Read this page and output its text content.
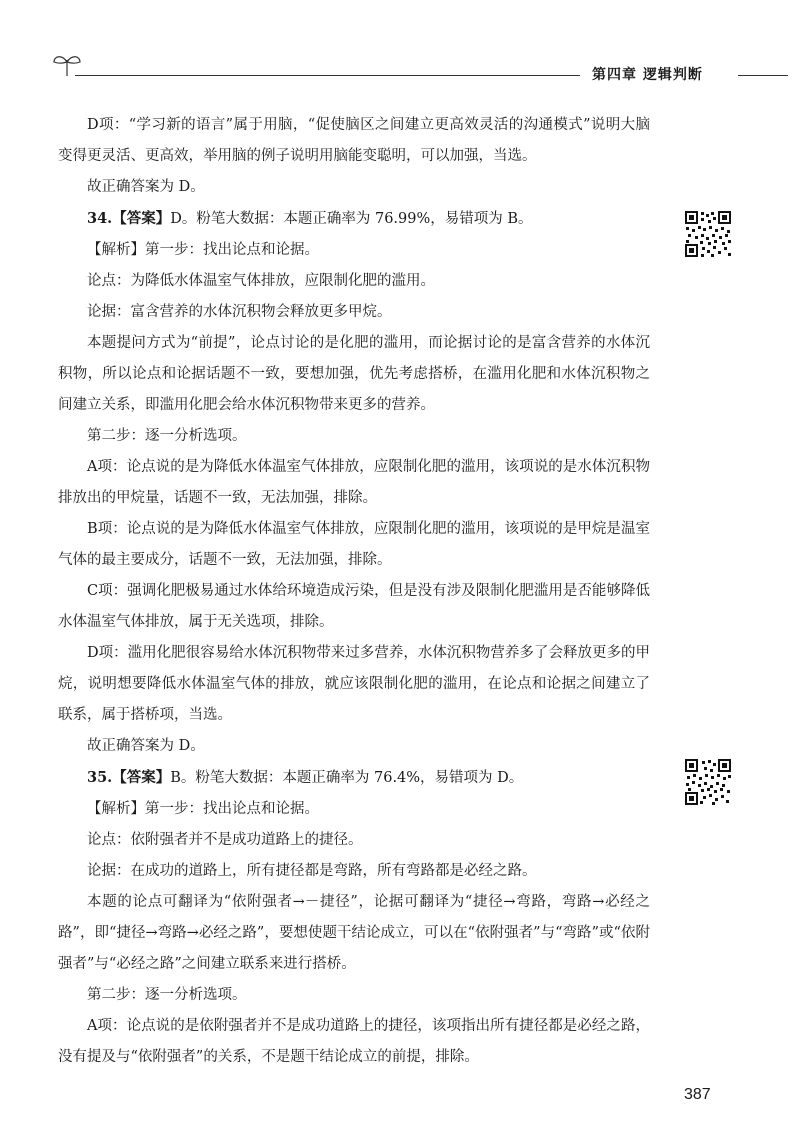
第四章 逻辑判断

D项：“学习新的语言”属于用脑，“促使脑区之间建立更高效灵活的沟通模式”说明大脑变得更灵活、更高效，举用脑的例子说明用脑能变聪明，可以加强，当选。

故正确答案为 D。

34.【答案】D。粉笔大数据：本题正确率为 76.99%，易错项为 B。

【解析】第一步：找出论点和论据。

论点：为降低水体温室气体排放，应限制化肥的滥用。

论据：富含营养的水体沉积物会释放更多甲烷。

本题提问方式为“前提”，论点讨论的是化肥的滥用，而论据讨论的是富含营养的水体沉积物，所以论点和论据话题不一致，要想加强，优先考虑搭桥，在滥用化肥和水体沉积物之间建立关系，即滥用化肥会给水体沉积物带来更多的营养。

第二步：逐一分析选项。

A项：论点说的是为降低水体温室气体排放，应限制化肥的滥用，该项说的是水体沉积物排放出的甲烷量，话题不一致，无法加强，排除。

B项：论点说的是为降低水体温室气体排放，应限制化肥的滥用，该项说的是甲烷是温室气体的最主要成分，话题不一致，无法加强，排除。

C项：强调化肥极易通过水体给环境造成污染，但是没有涉及限制化肥滥用是否能够降低水体温室气体排放，属于无关选项，排除。

D项：滥用化肥很容易给水体沉积物带来过多营养，水体沉积物营养多了会释放更多的甲烷，说明想要降低水体温室气体的排放，就应该限制化肥的滥用，在论点和论据之间建立了联系，属于搭桥项，当选。

故正确答案为 D。

35.【答案】B。粉笔大数据：本题正确率为 76.4%，易错项为 D。

【解析】第一步：找出论点和论据。

论点：依附强者并不是成功道路上的捷径。

论据：在成功的道路上，所有捷径都是弯路，所有弯路都是必经之路。

本题的论点可翻译为“依附强者→－捷径”，论据可翻译为“捷径→弯路，弯路→必经之路”，即“捷径→弯路→必经之路”，要想使题干结论成立，可以在“依附强者”与“弯路”或“依附强者”与“必经之路”之间建立联系来进行搭桥。

第二步：逐一分析选项。

A项：论点说的是依附强者并不是成功道路上的捷径，该项指出所有捷径都是必经之路，没有提及与“依附强者”的关系，不是题干结论成立的前提，排除。

387
